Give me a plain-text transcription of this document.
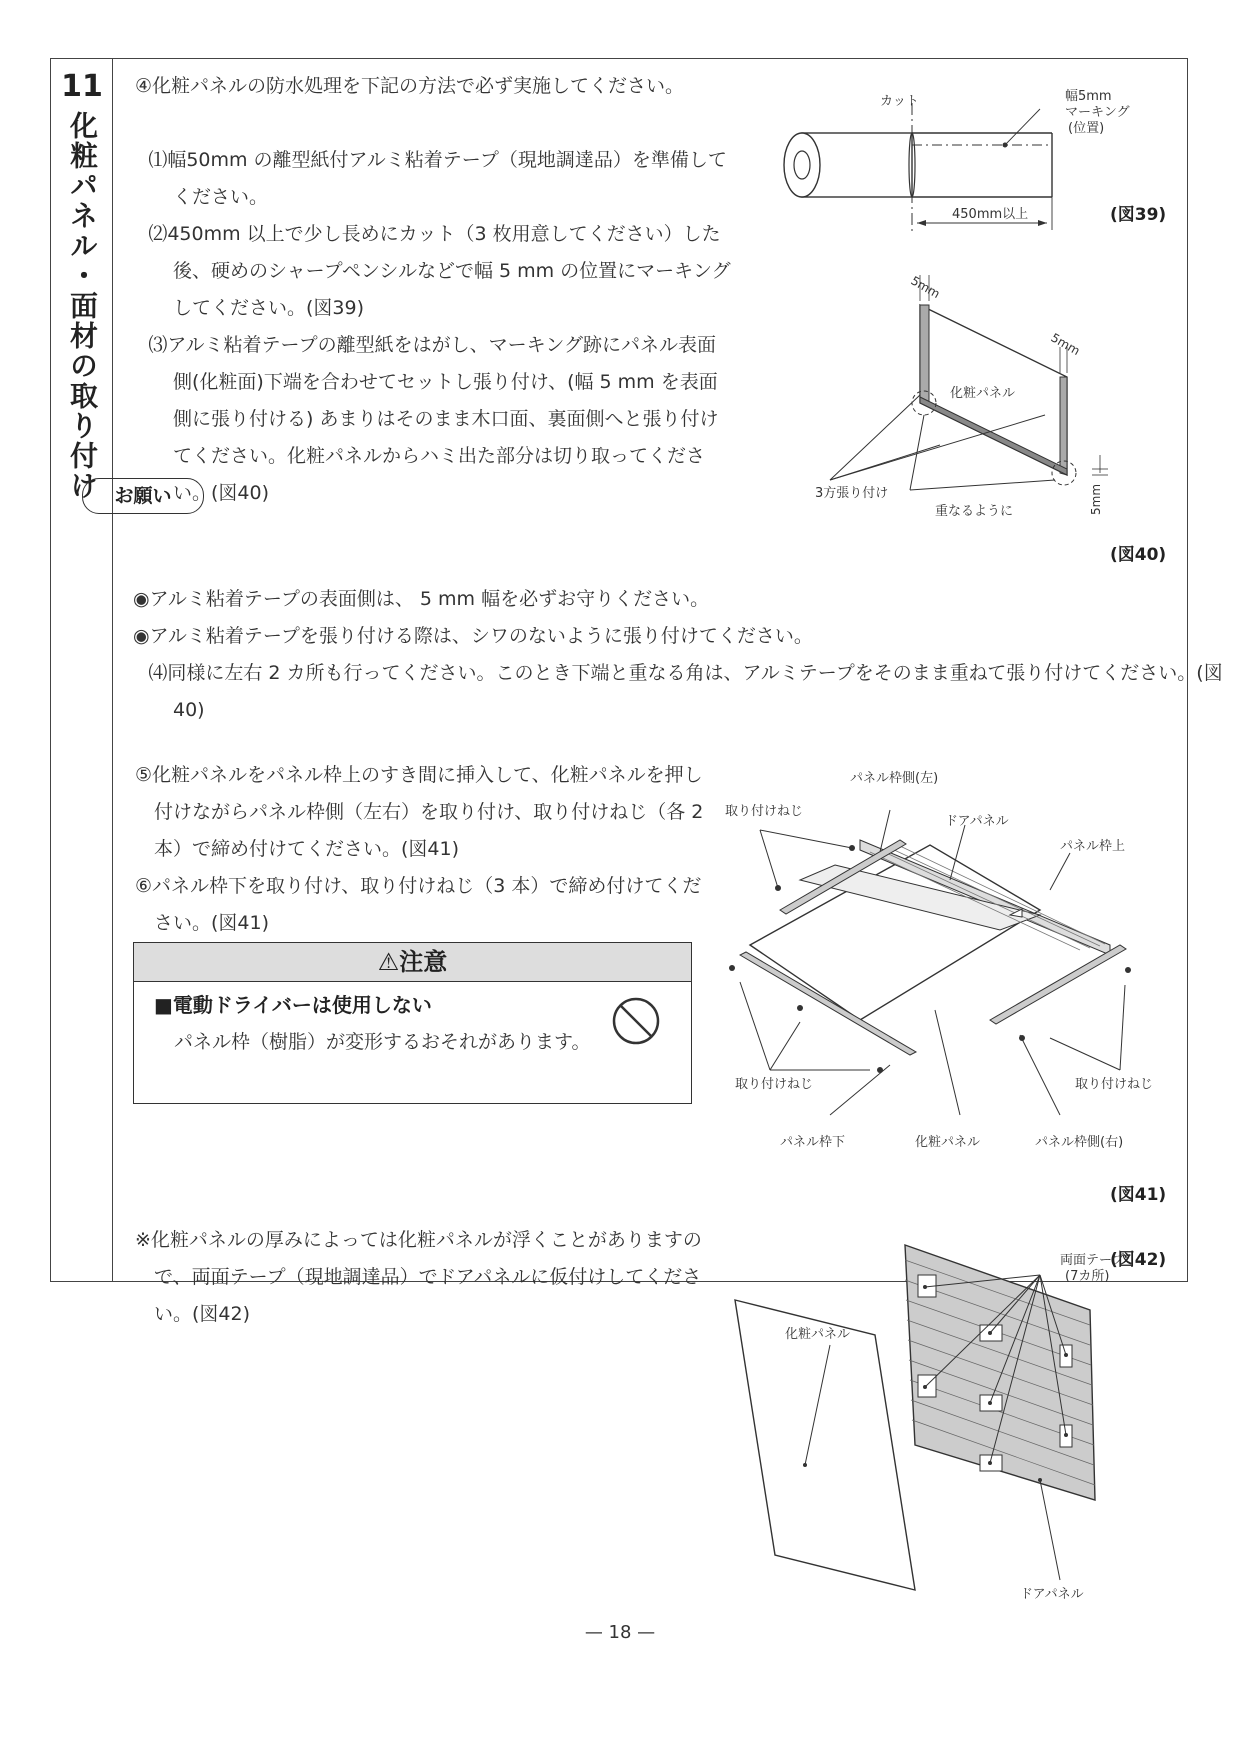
11
化粧パネル・面材の取り付け
④化粧パネルの防水処理を下記の方法で必ず実施してください。
⑴幅50mm の離型紙付アルミ粘着テープ（現地調達品）を準備してください。
⑵450mm 以上で少し長めにカット（3 枚用意してください）した後、硬めのシャープペンシルなどで幅 5 mm の位置にマーキングしてください。(図39)
⑶アルミ粘着テープの離型紙をはがし、マーキング跡にパネル表面側(化粧面)下端を合わせてセットし張り付け、(幅 5 mm を表面側に張り付ける) あまりはそのまま木口面、裏面側へと張り付けてください。化粧パネルからハミ出た部分は切り取ってください。(図40)
カット	幅5mm
マーキング
(位置)
450mm以上	(図39)
5mm
5mm
5mm
化粧パネル
3方張り付け
重なるように
(図40)
お願い
◉アルミ粘着テープの表面側は、 5 mm 幅を必ずお守りください。
◉アルミ粘着テープを張り付ける際は、シワのないように張り付けてください。
⑷同様に左右 2 カ所も行ってください。このとき下端と重なる角は、アルミテープをそのまま重ねて張り付けてください。(図40)
⑤化粧パネルをパネル枠上のすき間に挿入して、化粧パネルを押し付けながらパネル枠側（左右）を取り付け、取り付けねじ（各 2 本）で締め付けてください。(図41)
⑥パネル枠下を取り付け、取り付けねじ（3 本）で締め付けてください。(図41)
⚠注意
■電動ドライバーは使用しない
パネル枠（樹脂）が変形するおそれがあります。
パネル枠側(左)
取り付けねじ
ドアパネル
パネル枠上
取り付けねじ	取り付けねじ
パネル枠下	化粧パネル	パネル枠側(右)
(図41)
※化粧パネルの厚みによっては化粧パネルが浮くことがありますので、両面テープ（現地調達品）でドアパネルに仮付けしてください。(図42)
両面テープ
(7カ所)
化粧パネル
ドアパネル
(図42)
— 18 —
